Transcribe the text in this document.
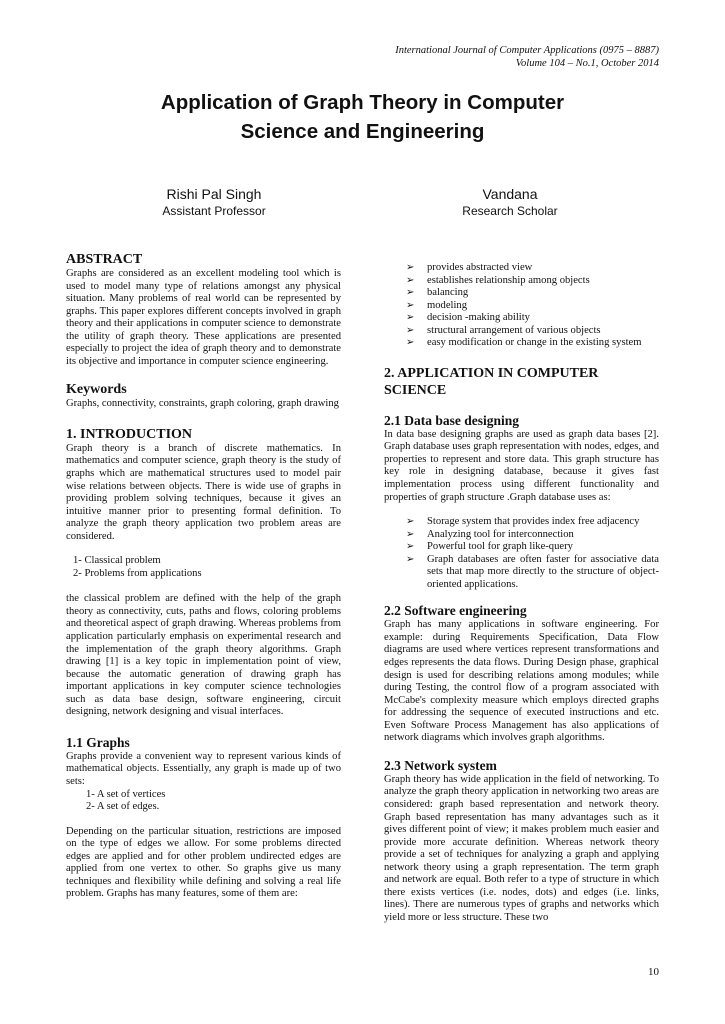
International Journal of Computer Applications (0975 – 8887)
Volume 104 – No.1, October 2014
Application of Graph Theory in Computer
Science and Engineering
Rishi Pal Singh
Assistant Professor
Vandana
Research Scholar
ABSTRACT

Graphs are considered as an excellent modeling tool which is used to model many type of relations amongst any physical situation. Many problems of real world can be represented by graphs. This paper explores different concepts involved in graph theory and their applications in computer science to demonstrate the utility of graph theory. These applications are presented especially to project the idea of graph theory and to demonstrate its objective and importance in computer science engineering.

Keywords

Graphs, connectivity, constraints, graph coloring, graph drawing

1. INTRODUCTION

Graph theory is a branch of discrete mathematics. In mathematics and computer science, graph theory is the study of graphs which are mathematical structures used to model pair wise relations between objects. There is wide use of graphs in providing problem solving techniques, because it gives an intuitive manner prior to presenting formal definition. To analyze the graph theory application two problem areas are considered.

1- Classical problem
2- Problems from applications

the classical problem are defined with the help of the graph theory as connectivity, cuts, paths and flows, coloring problems and theoretical aspect of graph drawing. Whereas problems from application particularly emphasis on experimental research and the implementation of the graph theory algorithms. Graph drawing [1] is a key topic in implementation point of view, because the automatic generation of drawing graph has important applications in key computer science technologies such as data base design, software engineering, circuit designing, network designing and visual interfaces.

1.1 Graphs

Graphs provide a convenient way to represent various kinds of mathematical objects. Essentially, any graph is made up of two sets:

1- A set of vertices
2- A set of edges.

Depending on the particular situation, restrictions are imposed on the type of edges we allow. For some problems directed edges are applied and for other problem undirected edges are applied from one vertex to other. So graphs give us many techniques and flexibility while defining and solving a real life problem. Graphs has many features, some of them are:

➢ provides abstracted view
➢ establishes relationship among objects
➢ balancing
➢ modeling
➢ decision -making ability
➢ structural arrangement of various objects
➢ easy modification or change in the existing system
2. APPLICATION IN COMPUTER
SCIENCE
2.1 Data base designing

In data base designing graphs are used as graph data bases [2]. Graph database uses graph representation with nodes, edges, and properties to represent and store data. This graph structure has key role in designing database, because it gives fast implementation process using different functionality and properties of graph structure .Graph database uses as:

➢ Storage system that provides index free adjacency
➢ Analyzing tool for interconnection
➢ Powerful tool for graph like-query
➢ Graph databases are often faster for associative data sets that map more directly to the structure of object-oriented applications.
2.2 Software engineering

Graph has many applications in software engineering. For example: during Requirements Specification, Data Flow diagrams are used where vertices represent transformations and edges represents the data flows. During Design phase, graphical design is used for describing relations among modules; while during Testing, the control flow of a program associated with McCabe's complexity measure which employs directed graphs for addressing the sequence of executed instructions and etc. Even Software Process Management has also applications of network diagrams which involves graph algorithms.

2.3 Network system

Graph theory has wide application in the field of networking. To analyze the graph theory application in networking two areas are considered: graph based representation and network theory. Graph based representation has many advantages such as it gives different point of view; it makes problem much easier and provide more accurate definition. Whereas network theory provide a set of techniques for analyzing a graph and applying network theory using a graph representation. The term graph and network are equal. Both refer to a type of structure in which there exists vertices (i.e. nodes, dots) and edges (i.e. links, lines). There are numerous types of graphs and networks which yield more or less structure. These two

10
